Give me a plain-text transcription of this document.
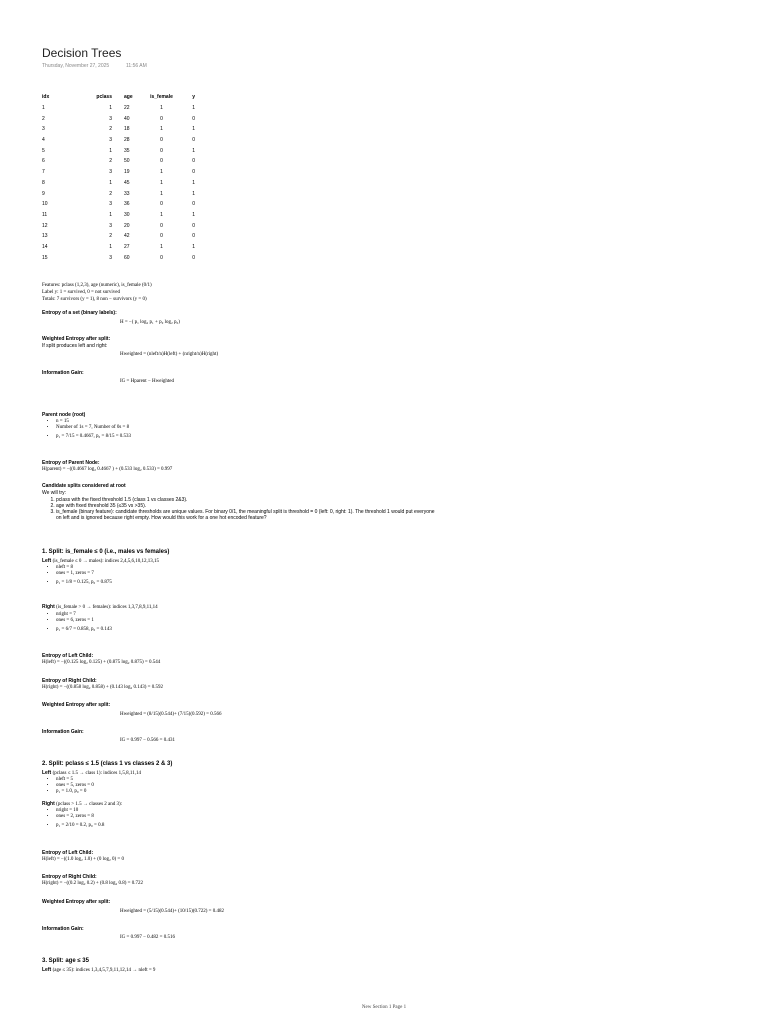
Decision Trees
Thursday, November 27, 2025	11:56 AM
idx	pclass	age	is_female	y
1	1	22	1	1
2	3	40	0	0
3	2	18	1	1
4	3	28	0	0
5	1	35	0	1
6	2	50	0	0
7	3	19	1	0
8	1	45	1	1
9	2	33	1	1
10	3	36	0	0
11	1	30	1	1
12	3	20	0	0
13	2	42	0	0
14	1	27	1	1
15	3	60	0	0
Features: pclass (1,2,3), age (numeric), is_female (0/1)
Label y: 1 = survived, 0 = not survived
Totals: 7 survivors (y = 1), 8 non − survivors (y = 0)
Entropy of a set (binary labels):
H = −( p₁ log₂ p₁ + p₀ log₂ p₀)
Weighted Entropy after split:
If split produces left and right:
Hweighted = (nleft/n)H(left) + (nright/n)H(right)
Information Gain:
IG = Hparent − Hweighted
Parent node (root)
• n = 15
• Number of 1s = 7, Number of 0s = 8
• p₁ = 7/15 = 0.4667, p₀ = 8/15 = 0.533
Entropy of Parent Node:
H(parent) = −((0.4667 log₂ 0.4667 ) + (0.533 log₂ 0.533) = 0.997
Candidate splits considered at root
We will try:
1. pclass with the fixed threshold 1.5 (class 1 vs classes 2&3).
2. age with fixed threshold 35 (≤35 vs >35).
3. is_female (binary feature): candidate thresholds are unique values. For binary 0/1, the meaningful split is threshold = 0 (left: 0, right: 1). The threshold 1 would put everyone on left and is ignored because right empty. How would this work for a one hot encoded feature?
1. Split: is_female ≤ 0 (i.e., males vs females)
Left (is_female ≤ 0 → males): indices 2,4,5,6,10,12,13,15
• nleft = 8
• ones = 1, zeros = 7
• p₁ = 1/8 = 0.125, p₀ = 0.875
Right (is_female > 0 → females): indices 1,3,7,8,9,11,14
• nright = 7
• ones = 6, zeros = 1
• p₁ = 6/7 = 0.858, p₀ = 0.143
Entropy of Left Child:
H(left) = −((0.125 log₂ 0.125) + (0.875 log₂ 0.875) = 0.544
Entropy of Right Child:
H(right) = −((0.858 log₂ 0.858) + (0.143 log₂ 0.143) = 0.592
Weighted Entropy after split:
Hweighted = (8/15)(0.544)+ (7/15)(0.592) = 0.566
Information Gain:
IG = 0.997 − 0.566 = 0.431
2. Split: pclass ≤ 1.5 (class 1 vs classes 2 & 3)
Left (pclass ≤ 1.5 → class 1): indices 1,5,8,11,14
• nleft = 5
• ones = 5, zeros = 0
• p₁ = 1.0, p₀ = 0
Right (pclass > 1.5 → classes 2 and 3):
• nright = 10
• ones = 2, zeros = 8
• p₁ = 2/10 = 0.2, p₀ = 0.8
Entropy of Left Child:
H(left) = −((1.0 log₂ 1.0) + (0 log₂ 0) = 0
Entropy of Right Child:
H(right) = −((0.2 log₂ 0.2) + (0.8 log₂ 0.8) = 0.722
Weighted Entropy after split:
Hweighted = (5/15)(0.544)+ (10/15)(0.722) = 0.482
Information Gain:
IG = 0.997 − 0.482 = 0.516
3. Split: age ≤ 35
Left (age ≤ 35): indices 1,3,4,5,7,9,11,12,14 → nleft = 9
New Section 1 Page 1
